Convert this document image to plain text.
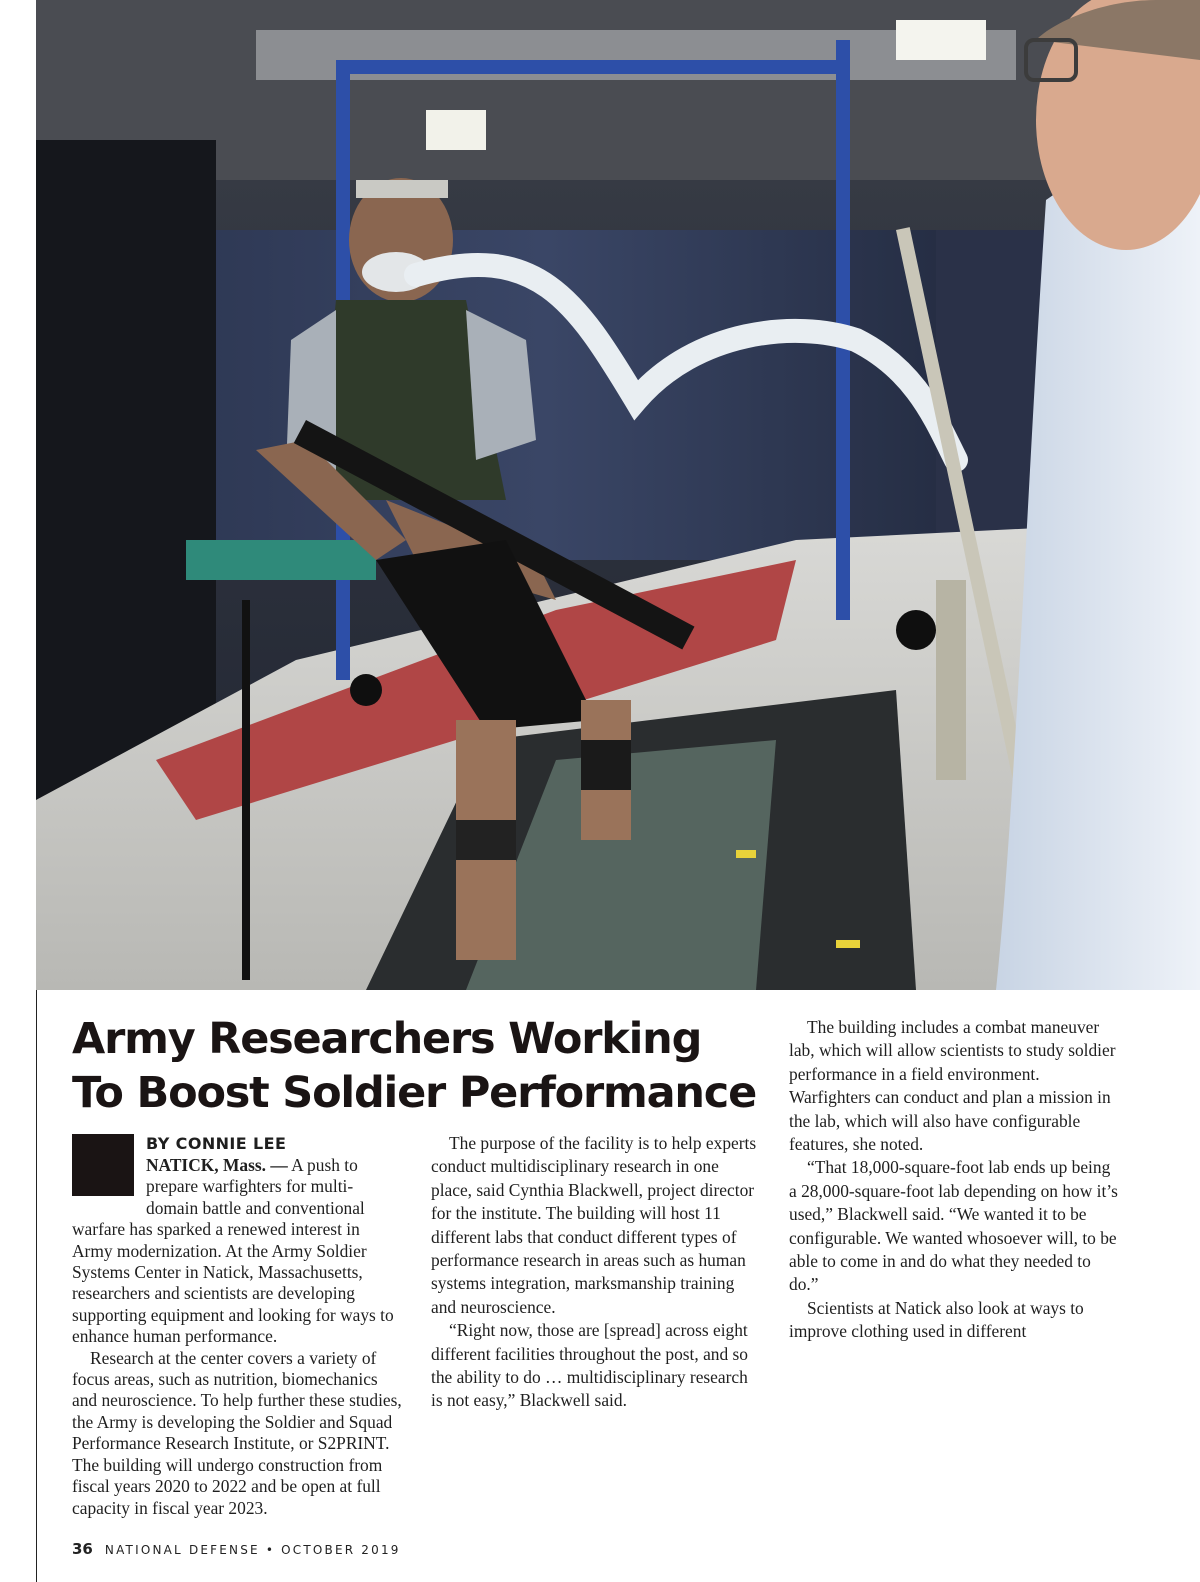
Army Researchers Working
To Boost Soldier Performance
BY CONNIE LEE

NATICK, Mass. — A push to prepare warfighters for multi-domain battle and conventional warfare has sparked a renewed interest in Army modernization. At the Army Soldier Systems Center in Natick, Massachusetts, researchers and scientists are developing supporting equipment and looking for ways to enhance human performance.

Research at the center covers a variety of focus areas, such as nutrition, biomechanics and neuroscience. To help further these studies, the Army is developing the Soldier and Squad Performance Research Institute, or S2PRINT. The building will undergo construction from fiscal years 2020 to 2022 and be open at full capacity in fiscal year 2023.

The purpose of the facility is to help experts conduct multidisciplinary research in one place, said Cynthia Blackwell, project director for the institute. The building will host 11 different labs that conduct different types of performance research in areas such as human systems integration, marksmanship training and neuroscience.

“Right now, those are [spread] across eight different facilities throughout the post, and so the ability to do … multidisciplinary research is not easy,” Blackwell said.

The building includes a combat maneuver lab, which will allow scientists to study soldier performance in a field environment. Warfighters can conduct and plan a mission in the lab, which will also have configurable features, she noted.

“That 18,000-square-foot lab ends up being a 28,000-square-foot lab depending on how it’s used,” Blackwell said. “We wanted it to be configurable. We wanted whosoever will, to be able to come in and do what they needed to do.”

Scientists at Natick also look at ways to improve clothing used in different

36 NATIONAL DEFENSE • OCTOBER 2019
